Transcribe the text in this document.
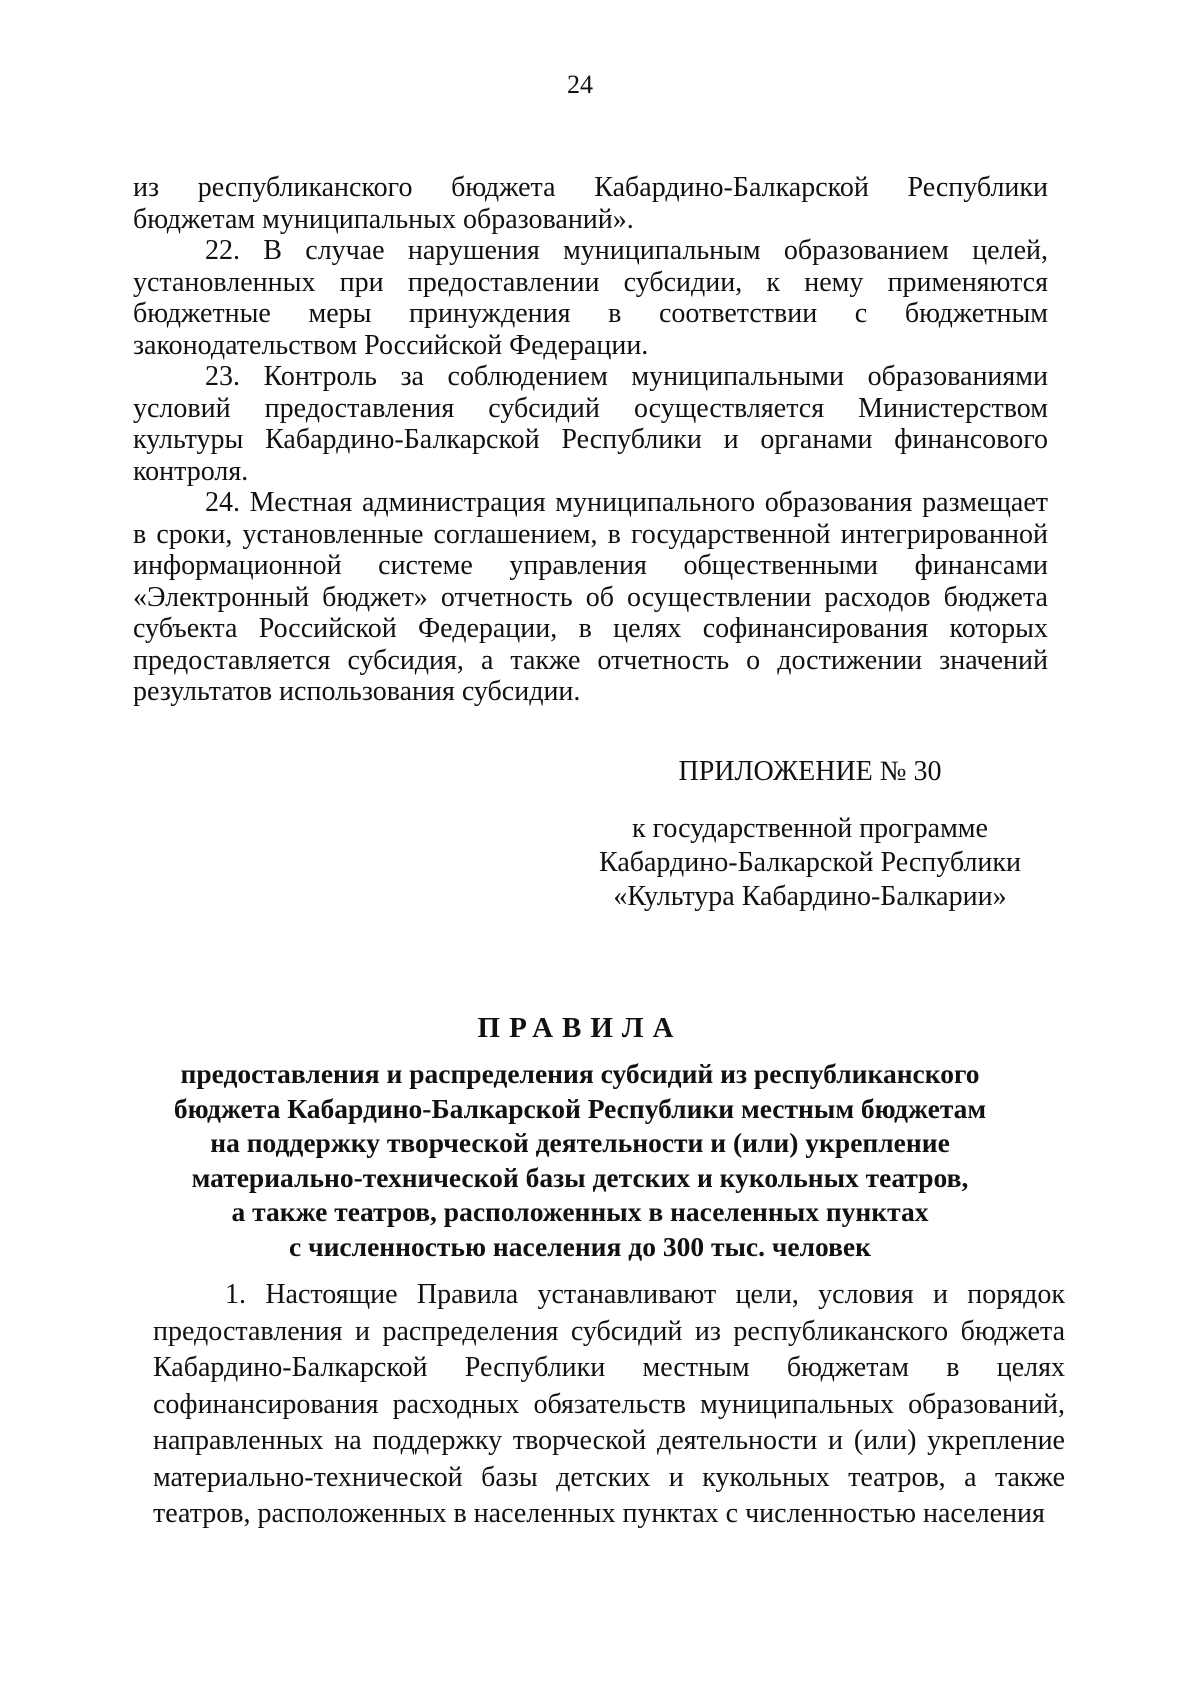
24

из республиканского бюджета Кабардино-Балкарской Республики бюджетам муниципальных образований».

22. В случае нарушения муниципальным образованием целей, установленных при предоставлении субсидии, к нему применяются бюджетные меры принуждения в соответствии с бюджетным законодательством Российской Федерации.

23. Контроль за соблюдением муниципальными образованиями условий предоставления субсидий осуществляется Министерством культуры Кабардино-Балкарской Республики и органами финансового контроля.

24. Местная администрация муниципального образования размещает в сроки, установленные соглашением, в государственной интегрированной информационной системе управления общественными финансами «Электронный бюджет» отчетность об осуществлении расходов бюджета субъекта Российской Федерации, в целях софинансирования которых предоставляется субсидия, а также отчетность о достижении значений результатов использования субсидии.

ПРИЛОЖЕНИЕ № 30
к государственной программе
Кабардино-Балкарской Республики
«Культура Кабардино-Балкарии»
ПРАВИЛА
предоставления и распределения субсидий из республиканского
бюджета Кабардино-Балкарской Республики местным бюджетам
на поддержку творческой деятельности и (или) укрепление
материально-технической базы детских и кукольных театров,
а также театров, расположенных в населенных пунктах
с численностью населения до 300 тыс. человек

1. Настоящие Правила устанавливают цели, условия и порядок предоставления и распределения субсидий из республиканского бюджета Кабардино-Балкарской Республики местным бюджетам в целях софинансирования расходных обязательств муниципальных образований, направленных на поддержку творческой деятельности и (или) укрепление материально-технической базы детских и кукольных театров, а также театров, расположенных в населенных пунктах с численностью населения
